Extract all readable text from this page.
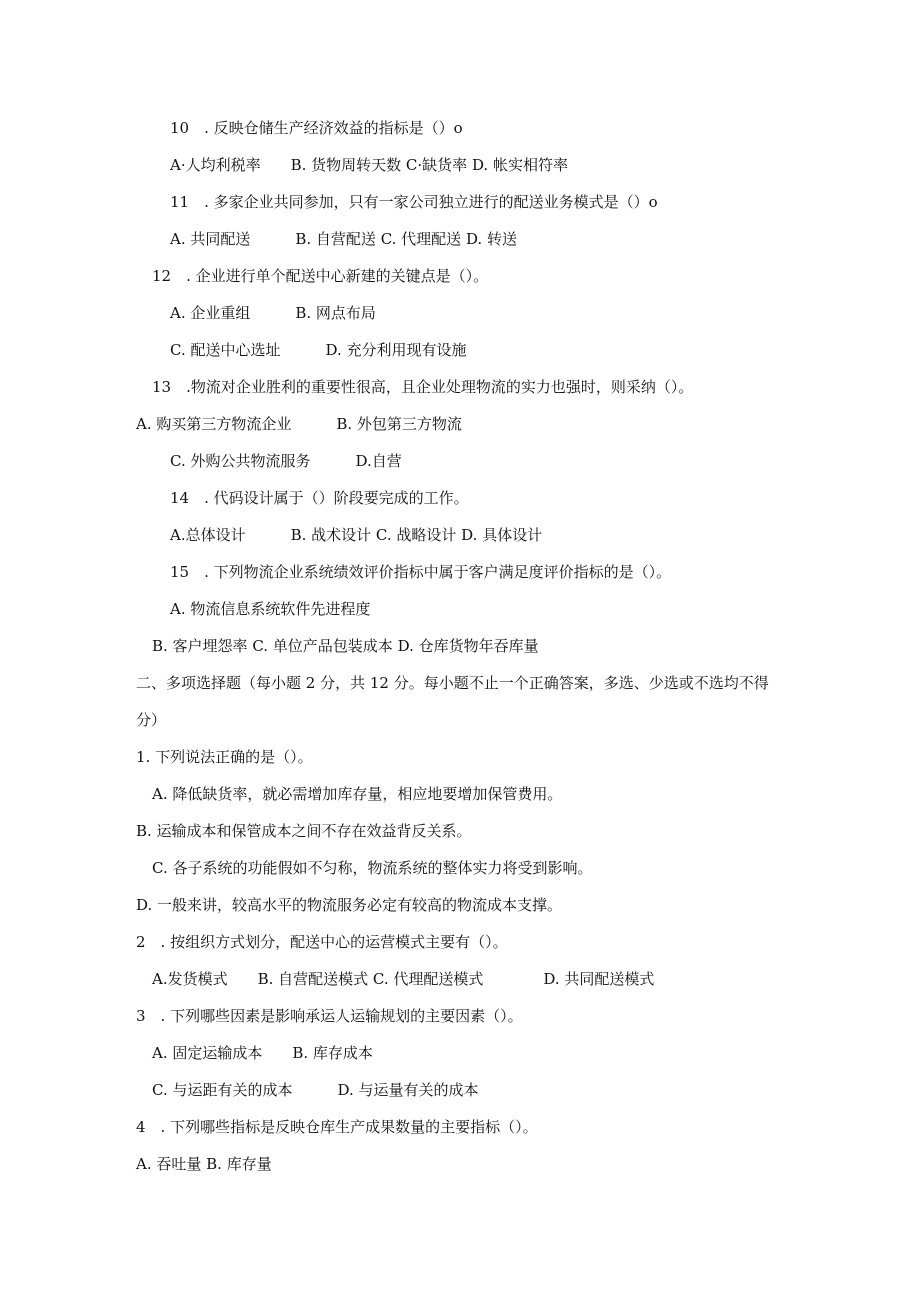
10　. 反映仓储生产经济效益的指标是（）o
A·人均利税率　　B. 货物周转天数 C·缺货率 D. 帐实相符率
11　. 多家企业共同参加，只有一家公司独立进行的配送业务模式是（）o
A. 共同配送　　　B. 自营配送 C. 代理配送 D. 转送
12　. 企业进行单个配送中心新建的关键点是（）。
A. 企业重组　　　B. 网点布局
C. 配送中心选址　　　D. 充分利用现有设施
13　.物流对企业胜利的重要性很高，且企业处理物流的实力也强时，则采纳（）。
A. 购买第三方物流企业　　　B. 外包第三方物流
C. 外购公共物流服务　　　D.自营
14　. 代码设计属于（）阶段要完成的工作。
A.总体设计　　　B. 战术设计 C. 战略设计 D. 具体设计
15　. 下列物流企业系统绩效评价指标中属于客户满足度评价指标的是（）。
A. 物流信息系统软件先进程度
B. 客户埋怨率 C. 单位产品包装成本 D. 仓库货物年吞库量
二、多项选择题（每小题 2 分，共 12 分。每小题不止一个正确答案，多选、少选或不选均不得
分）
1. 下列说法正确的是（）。
A. 降低缺货率，就必需增加库存量，相应地要增加保管费用。
B. 运输成本和保管成本之间不存在效益背反关系。
C. 各子系统的功能假如不匀称，物流系统的整体实力将受到影响。
D. 一般来讲，较高水平的物流服务必定有较高的物流成本支撑。
2　. 按组织方式划分，配送中心的运营模式主要有（）。
A.发货模式　　B. 自营配送模式 C. 代理配送模式　　　　D. 共同配送模式
3　. 下列哪些因素是影响承运人运输规划的主要因素（）。
A. 固定运输成本　　B. 库存成本
C. 与运距有关的成本　　　D. 与运量有关的成本
4　. 下列哪些指标是反映仓库生产成果数量的主要指标（）。
A. 吞吐量 B. 库存量
